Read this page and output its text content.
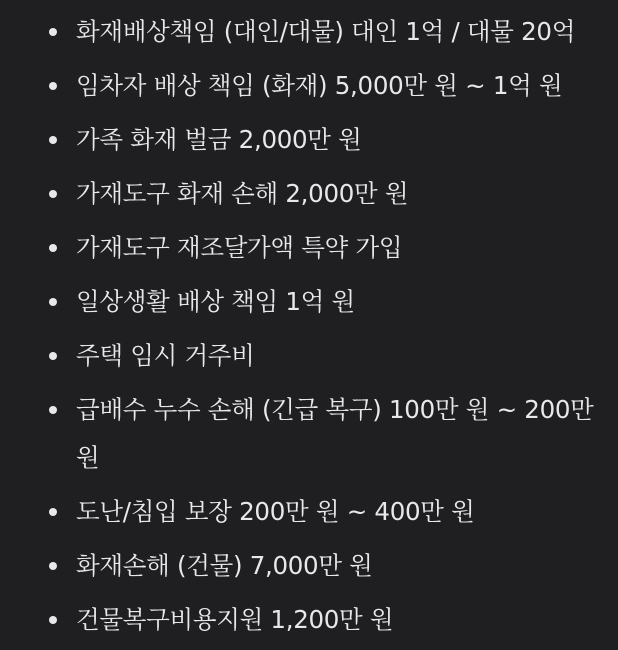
화재배상책임 (대인/대물) 대인 1억 / 대물 20억
임차자 배상 책임 (화재) 5,000만 원 ~ 1억 원
가족 화재 벌금 2,000만 원
가재도구 화재 손해 2,000만 원
가재도구 재조달가액 특약 가입
일상생활 배상 책임 1억 원
주택 임시 거주비
급배수 누수 손해 (긴급 복구) 100만 원 ~ 200만 원
도난/침입 보장 200만 원 ~ 400만 원
화재손해 (건물) 7,000만 원
건물복구비용지원 1,200만 원
